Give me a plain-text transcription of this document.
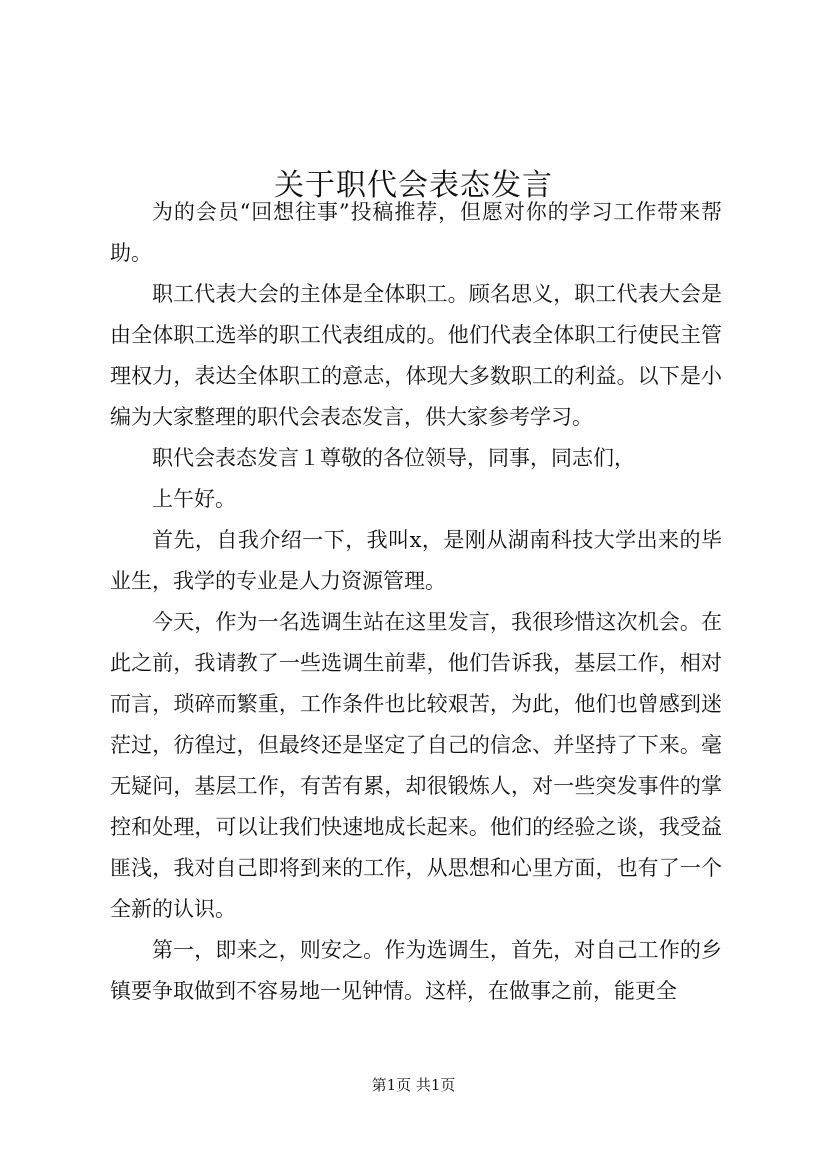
关于职代会表态发言

为的会员“回想往事”投稿推荐，但愿对你的学习工作带来帮助。

职工代表大会的主体是全体职工。顾名思义，职工代表大会是由全体职工选举的职工代表组成的。他们代表全体职工行使民主管理权力，表达全体职工的意志，体现大多数职工的利益。以下是小编为大家整理的职代会表态发言，供大家参考学习。

职代会表态发言１尊敬的各位领导，同事，同志们，

上午好。

首先，自我介绍一下，我叫x，是刚从湖南科技大学出来的毕业生，我学的专业是人力资源管理。

今天，作为一名选调生站在这里发言，我很珍惜这次机会。在此之前，我请教了一些选调生前辈，他们告诉我，基层工作，相对而言，琐碎而繁重，工作条件也比较艰苦，为此，他们也曾感到迷茫过，彷徨过，但最终还是坚定了自己的信念、并坚持了下来。毫无疑问，基层工作，有苦有累，却很锻炼人，对一些突发事件的掌控和处理，可以让我们快速地成长起来。他们的经验之谈，我受益匪浅，我对自己即将到来的工作，从思想和心里方面，也有了一个全新的认识。

第一，即来之，则安之。作为选调生，首先，对自己工作的乡镇要争取做到不容易地一见钟情。这样，在做事之前，能更全

第1页 共1页
